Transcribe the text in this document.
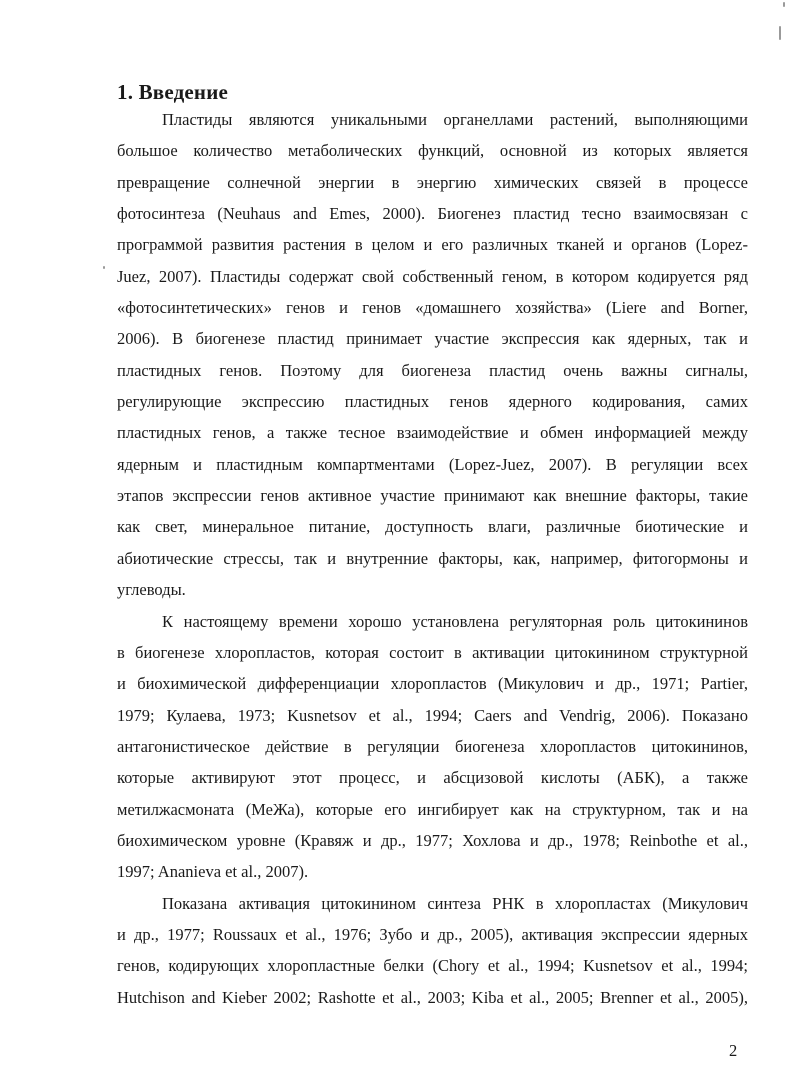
1. Введение
Пластиды являются уникальными органеллами растений, выполняющими
большое количество метаболических функций, основной из которых является
превращение солнечной энергии в энергию химических связей в процессе
фотосинтеза (Neuhaus and Emes, 2000). Биогенез пластид тесно взаимосвязан с
программой развития растения в целом и его различных тканей и органов (Lopez-
Juez, 2007). Пластиды содержат свой собственный геном, в котором кодируется ряд
«фотосинтетических» генов и генов «домашнего хозяйства» (Liere and Borner,
2006). В биогенезе пластид принимает участие экспрессия как ядерных, так и
пластидных генов. Поэтому для биогенеза пластид очень важны сигналы,
регулирующие экспрессию пластидных генов ядерного кодирования, самих
пластидных генов, а также тесное взаимодействие и обмен информацией между
ядерным и пластидным компартментами (Lopez-Juez, 2007). В регуляции всех
этапов экспрессии генов активное участие принимают как внешние факторы, такие
как свет, минеральное питание, доступность влаги, различные биотические и
абиотические стрессы, так и внутренние факторы, как, например, фитогормоны и
углеводы.
К настоящему времени хорошо установлена регуляторная роль цитокининов
в биогенезе хлоропластов, которая состоит в активации цитокинином структурной
и биохимической дифференциации хлоропластов (Микулович и др., 1971; Partier,
1979; Кулаева, 1973; Kusnetsov et al., 1994; Caers and Vendrig, 2006). Показано
антагонистическое действие в регуляции биогенеза хлоропластов цитокининов,
которые активируют этот процесс, и абсцизовой кислоты (АБК), а также
метилжасмоната (МеЖа), которые его ингибирует как на структурном, так и на
биохимическом уровне (Кравяж и др., 1977; Хохлова и др., 1978; Reinbothe et al.,
1997; Ananieva et al., 2007).
Показана активация цитокинином синтеза РНК в хлоропластах (Микулович
и др., 1977; Roussaux et al., 1976; Зубо и др., 2005), активация экспрессии ядерных
генов, кодирующих хлоропластные белки (Chory et al., 1994; Kusnetsov et al., 1994;
Hutchison and Kieber 2002; Rashotte et al., 2003; Kiba et al., 2005; Brenner et al., 2005),
2
